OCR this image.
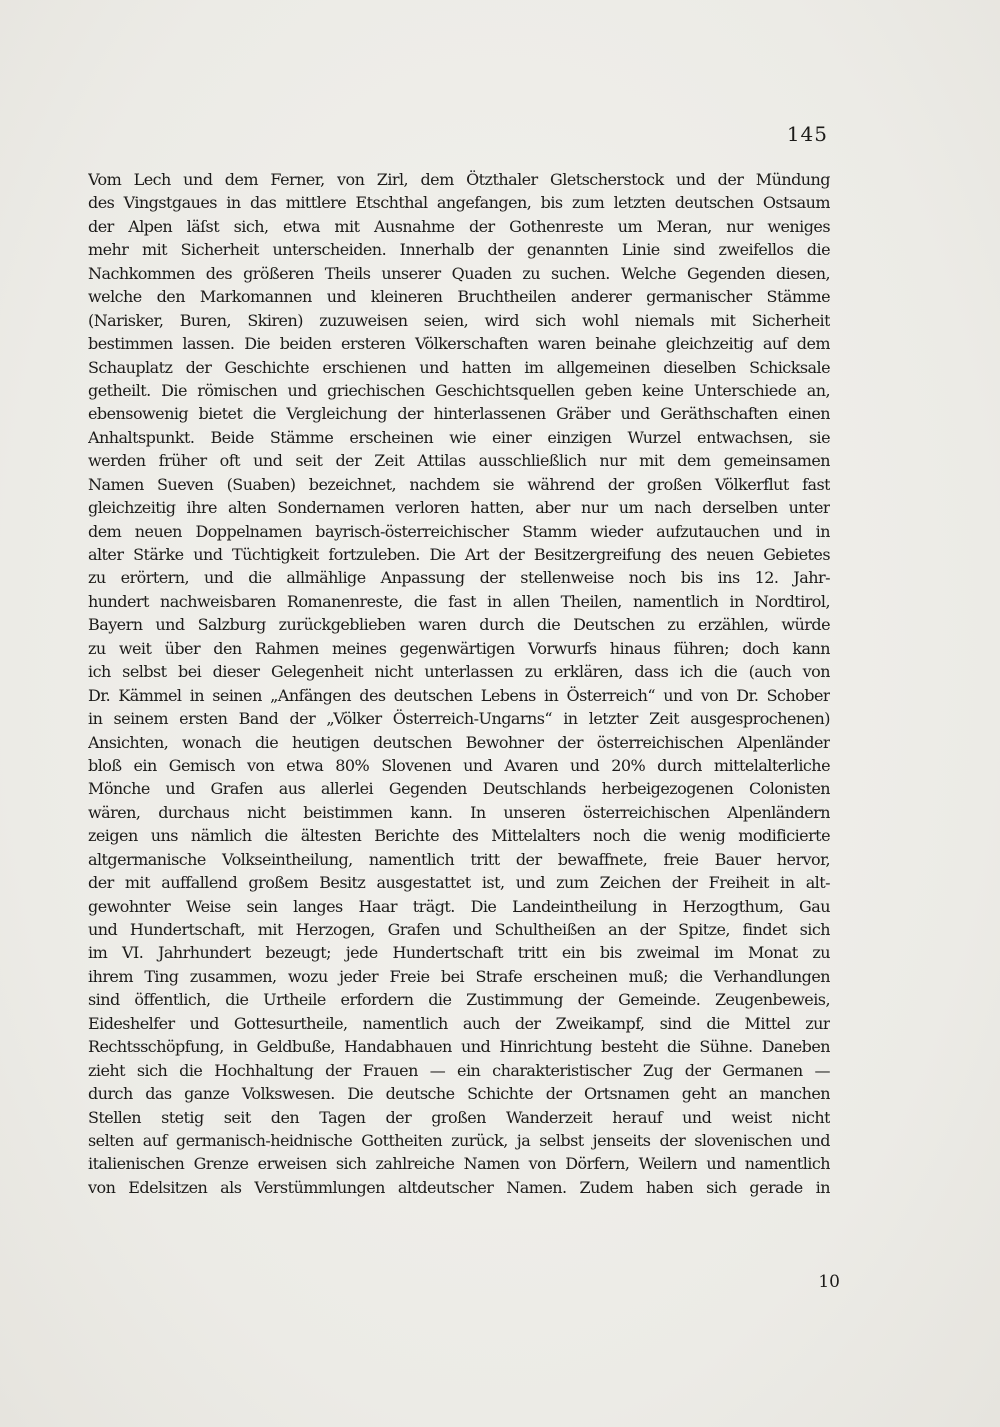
145
Vom Lech und dem Ferner, von Zirl, dem Ötzthaler Gletscherstock und der Mündung
des Vingstgaues in das mittlere Etschthal angefangen, bis zum letzten deutschen Ostsaum
der Alpen läſst sich, etwa mit Ausnahme der Gothenreste um Meran, nur weniges
mehr mit Sicherheit unterscheiden. Innerhalb der genannten Linie sind zweifellos die
Nachkommen des größeren Theils unserer Quaden zu suchen. Welche Gegenden diesen,
welche den Markomannen und kleineren Bruchtheilen anderer germanischer Stämme
(Narisker, Buren, Skiren) zuzuweisen seien, wird sich wohl niemals mit Sicherheit
bestimmen lassen. Die beiden ersteren Völkerschaften waren beinahe gleichzeitig auf dem
Schauplatz der Geschichte erschienen und hatten im allgemeinen dieselben Schicksale
getheilt. Die römischen und griechischen Geschichtsquellen geben keine Unterschiede an,
ebensowenig bietet die Vergleichung der hinterlassenen Gräber und Geräthschaften einen
Anhaltspunkt. Beide Stämme erscheinen wie einer einzigen Wurzel entwachsen, sie
werden früher oft und seit der Zeit Attilas ausschließlich nur mit dem gemeinsamen
Namen Sueven (Suaben) bezeichnet, nachdem sie während der großen Völkerflut fast
gleichzeitig ihre alten Sondernamen verloren hatten, aber nur um nach derselben unter
dem neuen Doppelnamen bayrisch-österreichischer Stamm wieder aufzutauchen und in
alter Stärke und Tüchtigkeit fortzuleben. Die Art der Besitzergreifung des neuen Gebietes
zu erörtern, und die allmählige Anpassung der stellenweise noch bis ins 12. Jahr-
hundert nachweisbaren Romanenreste, die fast in allen Theilen, namentlich in Nordtirol,
Bayern und Salzburg zurückgeblieben waren durch die Deutschen zu erzählen, würde
zu weit über den Rahmen meines gegenwärtigen Vorwurfs hinaus führen; doch kann
ich selbst bei dieser Gelegenheit nicht unterlassen zu erklären, dass ich die (auch von
Dr. Kämmel in seinen „Anfängen des deutschen Lebens in Österreich“ und von Dr. Schober
in seinem ersten Band der „Völker Österreich-Ungarns“ in letzter Zeit ausgesprochenen)
Ansichten, wonach die heutigen deutschen Bewohner der österreichischen Alpenländer
bloß ein Gemisch von etwa 80% Slovenen und Avaren und 20% durch mittelalterliche
Mönche und Grafen aus allerlei Gegenden Deutschlands herbeigezogenen Colonisten
wären, durchaus nicht beistimmen kann. In unseren österreichischen Alpenländern
zeigen uns nämlich die ältesten Berichte des Mittelalters noch die wenig modificierte
altgermanische Volkseintheilung, namentlich tritt der bewaffnete, freie Bauer hervor,
der mit auffallend großem Besitz ausgestattet ist, und zum Zeichen der Freiheit in alt-
gewohnter Weise sein langes Haar trägt. Die Landeintheilung in Herzogthum, Gau
und Hundertschaft, mit Herzogen, Grafen und Schultheißen an der Spitze, findet sich
im VI. Jahrhundert bezeugt; jede Hundertschaft tritt ein bis zweimal im Monat zu
ihrem Ting zusammen, wozu jeder Freie bei Strafe erscheinen muß; die Verhandlungen
sind öffentlich, die Urtheile erfordern die Zustimmung der Gemeinde. Zeugenbeweis,
Eideshelfer und Gottesurtheile, namentlich auch der Zweikampf, sind die Mittel zur
Rechtsschöpfung, in Geldbuße, Handabhauen und Hinrichtung besteht die Sühne. Daneben
zieht sich die Hochhaltung der Frauen — ein charakteristischer Zug der Germanen —
durch das ganze Volkswesen. Die deutsche Schichte der Ortsnamen geht an manchen
Stellen stetig seit den Tagen der großen Wanderzeit herauf und weist nicht
selten auf germanisch-heidnische Gottheiten zurück, ja selbst jenseits der slovenischen und
italienischen Grenze erweisen sich zahlreiche Namen von Dörfern, Weilern und namentlich
von Edelsitzen als Verstümmlungen altdeutscher Namen. Zudem haben sich gerade in
10
